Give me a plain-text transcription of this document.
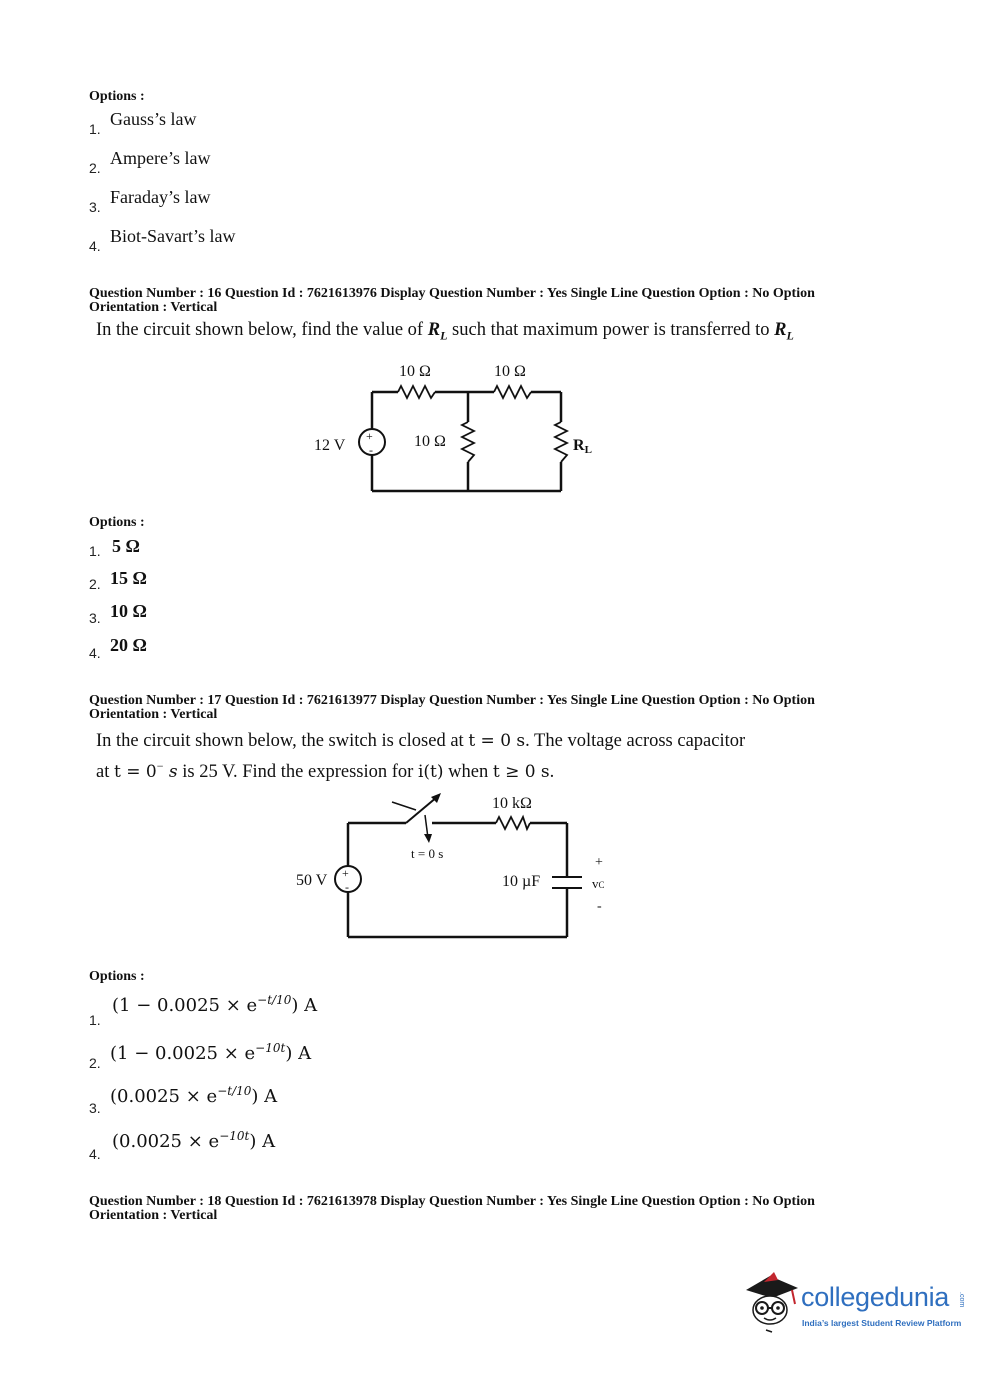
Options :
1. Gauss’s law
2. Ampere’s law
3. Faraday’s law
4. Biot-Savart’s law
Question Number : 16 Question Id : 7621613976 Display Question Number : Yes Single Line Question Option : No Option
Orientation : Vertical
In the circuit shown below, find the value of $R_L$ such that maximum power is transferred to $R_L$
+
-
10 Ω	10 Ω
10 Ω
12 V	RL
Options :
1. 5 Ω
2. 15 Ω
3. 10 Ω
4. 20 Ω
Question Number : 17 Question Id : 7621613977 Display Question Number : Yes Single Line Question Option : No Option
Orientation : Vertical
In the circuit shown below, the switch is closed at t = 0 s. The voltage across capacitor
at t = 0− s is 25 V. Find the expression for i(t) when t ≥ 0 s.
+
-
10 kΩ
t = 0 s
50 V	10 µF
+
vC
-
Options :
1.
$(1 - 0.0025 \times e^{-t/10})$ A
2. $(1 - 0.0025 \times e^{-10t})$ A
3.
$(0.0025 \times e^{-t/10})$ A
4.
$(0.0025 \times e^{-10t})$ A
Question Number : 18 Question Id : 7621613978 Display Question Number : Yes Single Line Question Option : No Option
Orientation : Vertical
collegedunia .com
India’s largest Student Review Platform
